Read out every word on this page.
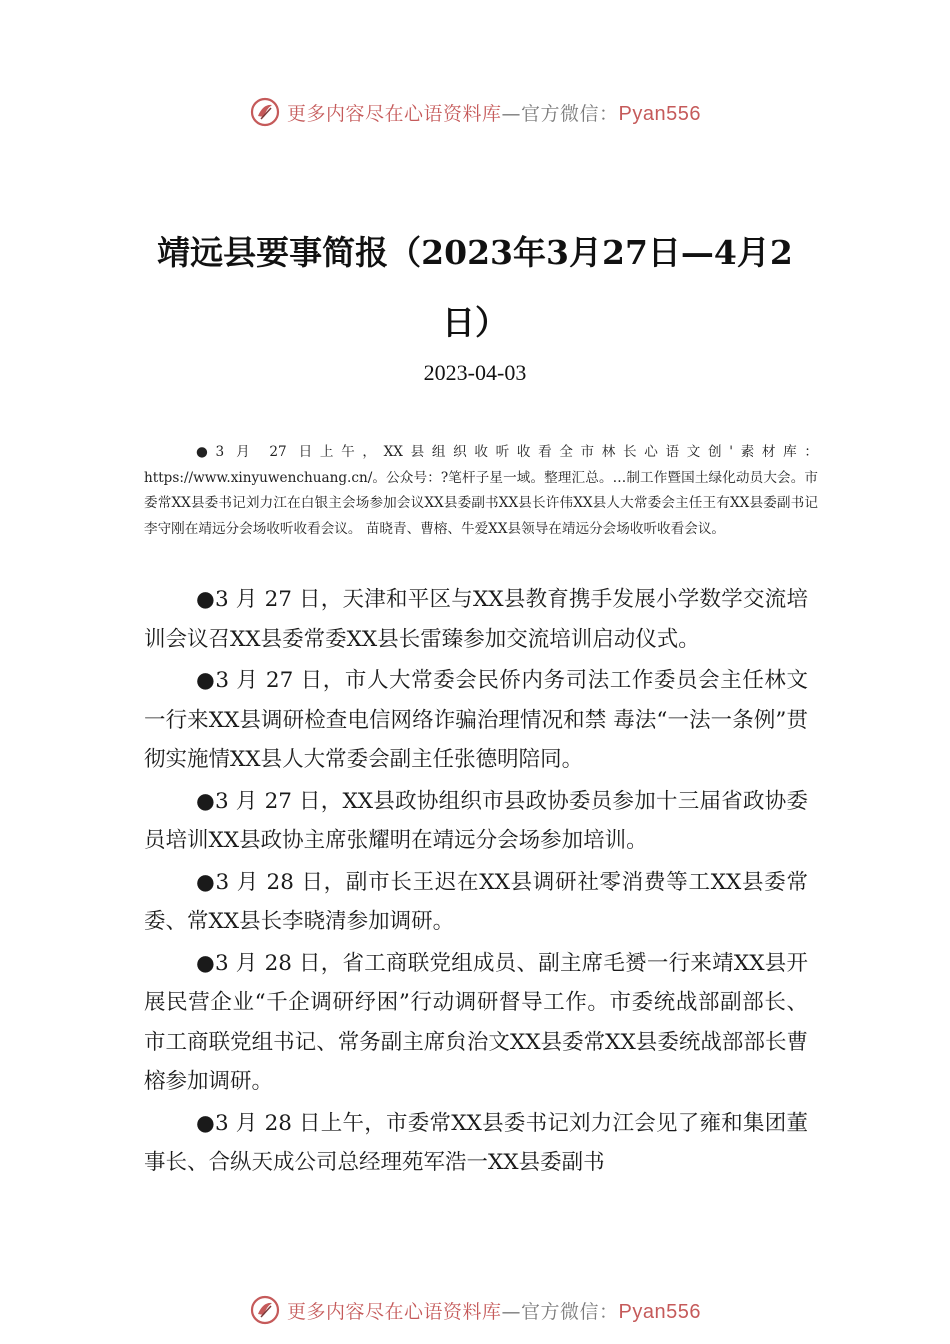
更多内容尽在心语资料库—官方微信：Pyan556
靖远县要事简报（2023年3月27日—4月2日）
2023-04-03
●3 月 27 日上午，XX县组织收听收看全市林长心语文创'素材库：https://www.xinyuwenchuang.cn/。公众号：?笔杆子星一域。整理汇总。…制工作暨国土绿化动员大会。市委常XX县委书记刘力江在白银主会场参加会议XX县委副书XX县长许伟XX县人大常委会主任王有XX县委副书记李守刚在靖远分会场收听收看会议。 苗晓青、曹榕、牛爱XX县领导在靖远分会场收听收看会议。

●3 月 27 日，天津和平区与XX县教育携手发展小学数学交流培训会议召XX县委常委XX县长雷臻参加交流培训启动仪式。

●3 月 27 日，市人大常委会民侨内务司法工作委员会主任林文一行来XX县调研检查电信网络诈骗治理情况和禁 毒法“一法一条例”贯彻实施情XX县人大常委会副主任张德明陪同。

●3 月 27 日，XX县政协组织市县政协委员参加十三届省政协委员培训XX县政协主席张耀明在靖远分会场参加培训。

●3 月 28 日，副市长王迟在XX县调研社零消费等工XX县委常委、常XX县长李晓清参加调研。

●3 月 28 日，省工商联党组成员、副主席毛赟一行来靖XX县开展民营企业“千企调研纾困”行动调研督导工作。市委统战部副部长、市工商联党组书记、常务副主席贠治文XX县委常XX县委统战部部长曹榕参加调研。

●3 月 28 日上午，市委常XX县委书记刘力江会见了雍和集团董事长、合纵天成公司总经理苑军浩一XX县委副书

更多内容尽在心语资料库—官方微信：Pyan556
